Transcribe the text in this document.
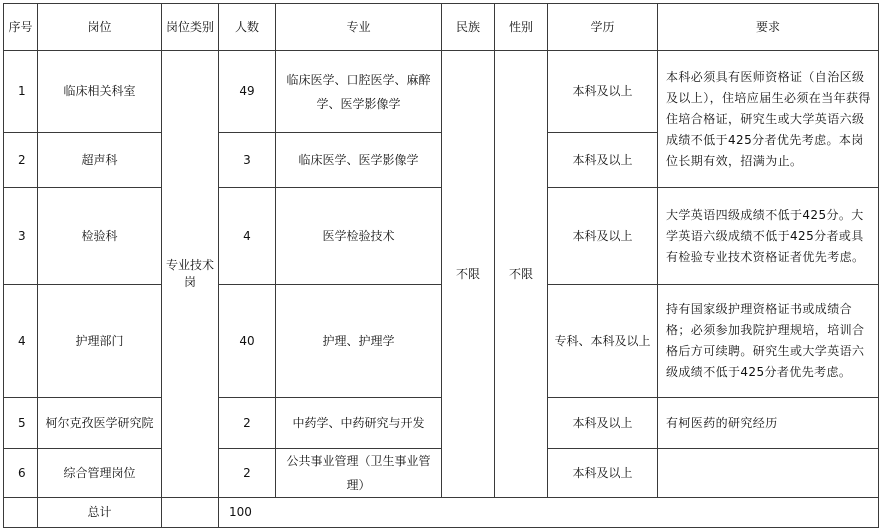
序号	岗位	岗位类别	人数	专业	民族	性别	学历	要求
1	临床相关科室	专业技术岗	49	临床医学、口腔医学、麻醉学、医学影像学	不限	不限	本科及以上	本科必须具有医师资格证（自治区级及以上），住培应届生必须在当年获得住培合格证，研究生或大学英语六级成绩不低于425分者优先考虑。本岗位长期有效，招满为止。
2	超声科		3	临床医学、医学影像学			本科及以上	
3	检验科		4	医学检验技术			本科及以上	大学英语四级成绩不低于425分。大学英语六级成绩不低于425分者或具有检验专业技术资格证者优先考虑。
4	护理部门		40	护理、护理学			专科、本科及以上	持有国家级护理资格证书或成绩合格；必须参加我院护理规培，培训合格后方可续聘。研究生或大学英语六级成绩不低于425分者优先考虑。
5	柯尔克孜医学研究院		2	中药学、中药研究与开发			本科及以上	有柯医药的研究经历
6	综合管理岗位		2	公共事业管理（卫生事业管理）			本科及以上	
	总计		100					
